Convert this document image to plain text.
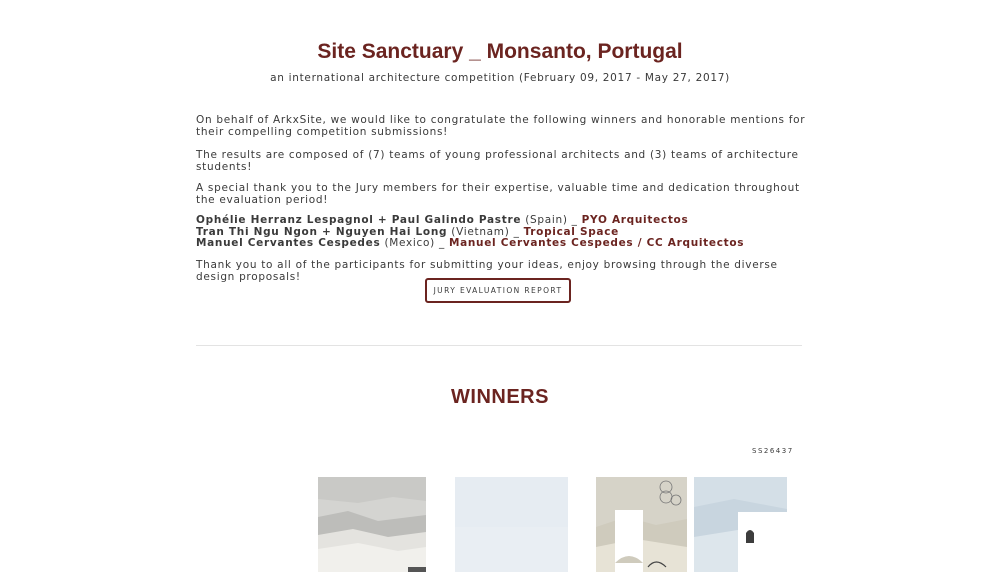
Site Sanctuary _ Monsanto, Portugal
an international architecture competition (February 09, 2017 - May 27, 2017)

On behalf of ArkxSite, we would like to congratulate the following winners and honorable mentions for their compelling competition submissions!

The results are composed of (7) teams of young professional architects and (3) teams of architecture students!

A special thank you to the Jury members for their expertise, valuable time and dedication throughout the evaluation period!

Ophélie Herranz Lespagnol + Paul Galindo Pastre (Spain) _ PYO Arquitectos
Tran Thi Ngu Ngon + Nguyen Hai Long (Vietnam) _ Tropical Space
Manuel Cervantes Cespedes (Mexico) _ Manuel Cervantes Cespedes / CC Arquitectos

Thank you to all of the participants for submitting your ideas, enjoy browsing through the diverse design proposals!

JURY EVALUATION REPORT
WINNERS
SS26437
